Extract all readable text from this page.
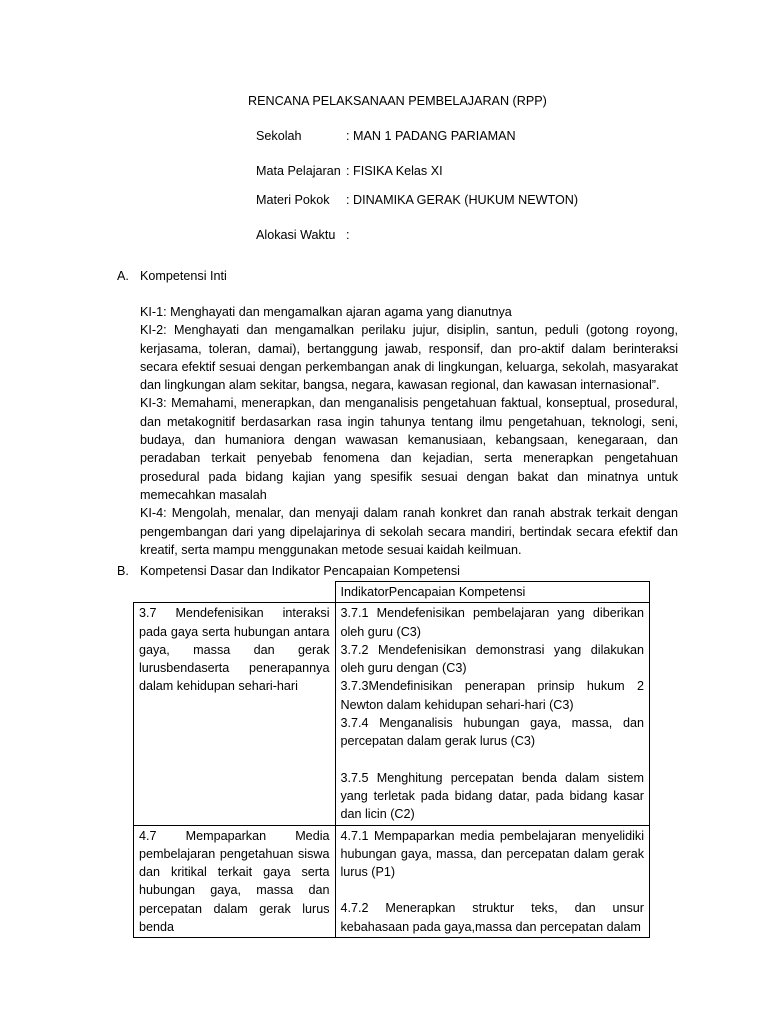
RENCANA PELAKSANAAN PEMBELAJARAN (RPP)
Sekolah	: MAN 1 PADANG PARIAMAN
Mata Pelajaran : FISIKA Kelas XI
Materi Pokok : DINAMIKA GERAK (HUKUM NEWTON)
Alokasi Waktu :
A. Kompetensi Inti

KI-1: Menghayati dan mengamalkan ajaran agama yang dianutnya

KI-2: Menghayati dan mengamalkan perilaku jujur, disiplin, santun, peduli (gotong royong, kerjasama, toleran, damai), bertanggung jawab, responsif, dan pro-aktif dalam berinteraksi secara efektif sesuai dengan perkembangan anak di lingkungan, keluarga, sekolah, masyarakat dan lingkungan alam sekitar, bangsa, negara, kawasan regional, dan kawasan internasional”.

KI-3: Memahami, menerapkan, dan menganalisis pengetahuan faktual, konseptual, prosedural, dan metakognitif berdasarkan rasa ingin tahunya tentang ilmu pengetahuan, teknologi, seni, budaya, dan humaniora dengan wawasan kemanusiaan, kebangsaan, kenegaraan, dan peradaban terkait penyebab fenomena dan kejadian, serta menerapkan pengetahuan prosedural pada bidang kajian yang spesifik sesuai dengan bakat dan minatnya untuk memecahkan masalah

KI-4: Mengolah, menalar, dan menyaji dalam ranah konkret dan ranah abstrak terkait dengan pengembangan dari yang dipelajarinya di sekolah secara mandiri, bertindak secara efektif dan kreatif, serta mampu menggunakan metode sesuai kaidah keilmuan.

B. Kompetensi Dasar dan Indikator Pencapaian Kompetensi
	IndikatorPencapaian Kompetensi
3.7 Mendefenisikan interaksi pada gaya serta hubungan antara gaya, massa dan gerak lurusbendaserta penerapannya dalam kehidupan sehari-hari	3.7.1 Mendefenisikan pembelajaran yang diberikan oleh guru (C3)
3.7.2 Mendefenisikan demonstrasi yang dilakukan oleh guru dengan (C3)
3.7.3Mendefinisikan penerapan prinsip hukum 2 Newton dalam kehidupan sehari-hari (C3)
3.7.4 Menganalisis hubungan gaya, massa, dan percepatan dalam gerak lurus (C3)
3.7.5 Menghitung percepatan benda dalam sistem yang terletak pada bidang datar, pada bidang kasar dan licin (C2)

4.7 Mempaparkan Media pembelajaran pengetahuan siswa dan kritikal terkait gaya serta hubungan gaya, massa dan percepatan dalam gerak lurus benda	4.7.1 Mempaparkan media pembelajaran menyelidiki hubungan gaya, massa, dan percepatan dalam gerak lurus (P1)
4.7.2 Menerapkan struktur teks, dan unsur kebahasaan pada gaya,massa dan percepatan dalam
